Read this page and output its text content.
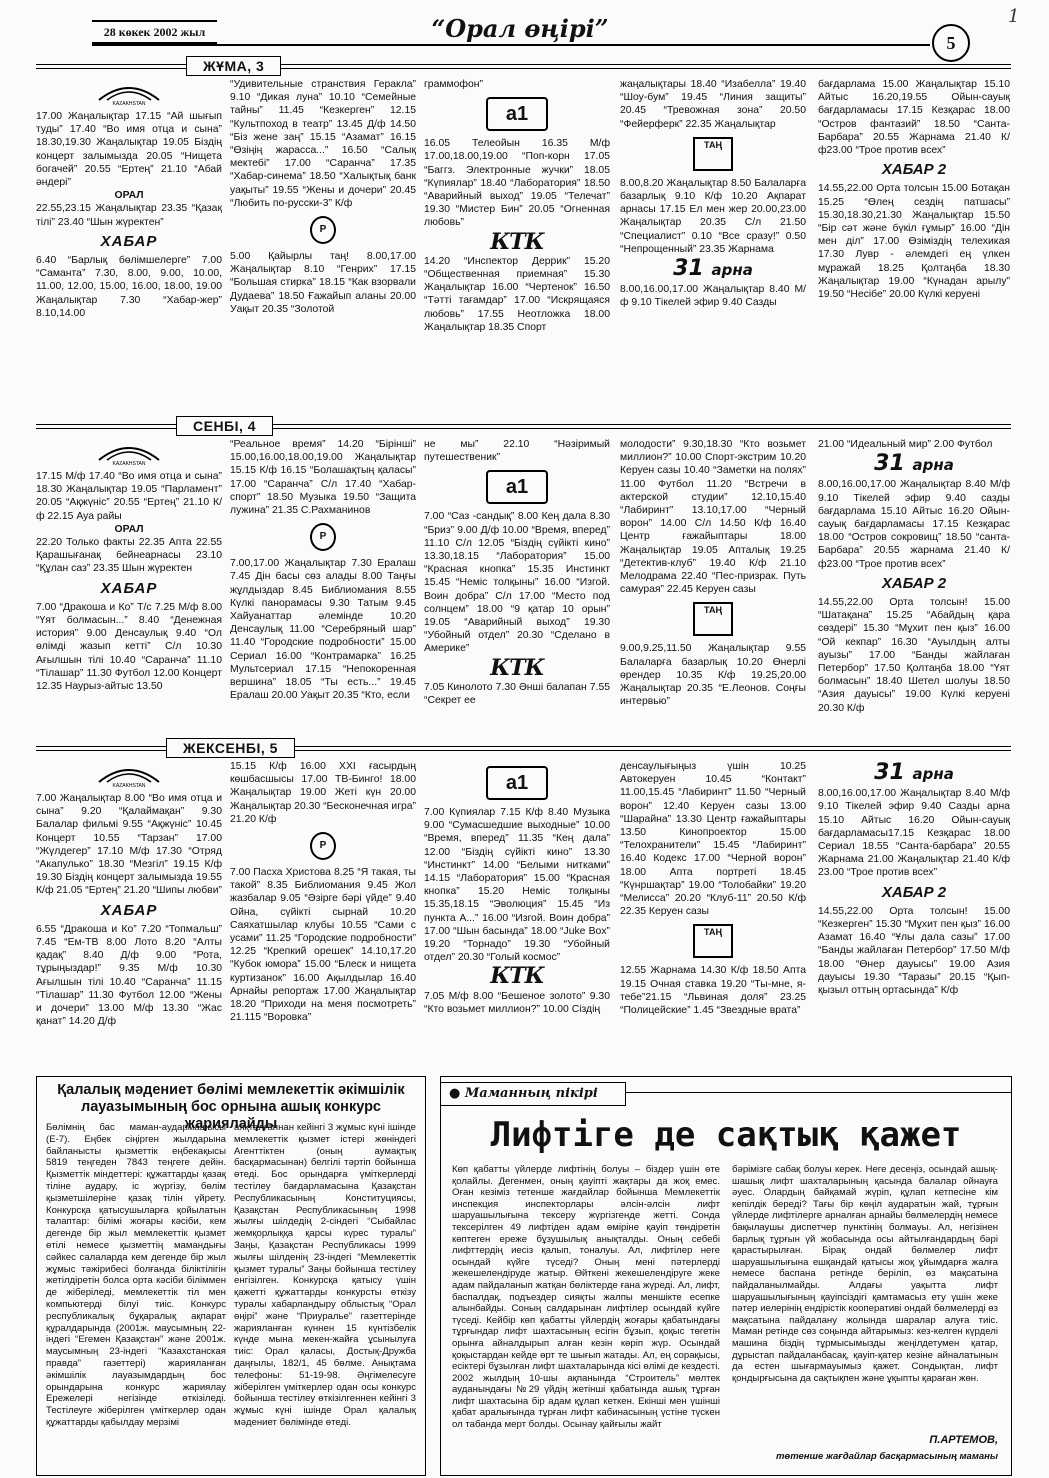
28 көкек 2002 жыл	“Орал өңірі”	5
1
ЖҰМА, 3
KAZAKHSTAN

17.00 Жаңалықтар 17.15 “Ай шығып туды” 17.40 “Во имя отца и сына” 18.30,19.30 Жаңалықтар 19.05 Біздің концерт залымызда 20.05 “Нищета богачей” 20.55 “Ертең” 21.10 “Абай әндері”

ОРАЛ

22.55,23.15 Жаңалықтар 23.35 “Қазақ тілі” 23.40 “Шын жүректен”

ХАБАР

6.40 “Барлық бөлімшелерге” 7.00 “Саманта” 7.30, 8.00, 9.00, 10.00, 11.00, 12.00, 15.00, 16.00, 18.00, 19.00 Жаңалықтар 7.30 “Хабар-жер” 8.10,14.00

“Удивительные странствия Геракла” 9.10 “Дикая луна” 10.10 “Семейные тайны” 11.45 “Кезкерген” 12.15 “Культпоход в театр” 13.45 Д/ф 14.50 “Біз жене заң” 15.15 “Азамат” 16.15 “Өзіңің жарасса...” 16.50 “Салық мектебі” 17.00 “Саранча” 17.35 “Хабар-синема” 18.50 “Халықтық банк уақыты” 19.55 “Жены и дочери” 20.45 “Любить по-русски-3” К/ф

Р

5.00 Қайырлы таң! 8.00,17.00 Жаңалықтар 8.10 “Генрих” 17.15 “Большая стирка” 18.15 “Как взорвали Дудаева” 18.50 Ғажайып аланы 20.00 Уақыт 20.35 “Золотой

граммофон”

a1

16.05 Телеойын 16.35 М/ф 17.00,18.00,19.00 “Поп-корн 17.05 “Баггз. Электронные жучки” 18.05 “Күпиялар” 18.40 “Лаборатория” 18.50 “Аварийный выход” 19.05 “Телечат” 19.30 “Мистер Бин” 20.05 “Огненная любовь”

КТК

14.20 “Инспектор Деррик” 15.20 “Общественная приемная” 15.30 Жаңалықтар 16.00 “Чертенок” 16.50 “Тәтті тағамдар” 17.00 “Искрящаяся любовь” 17.55 Неотложка 18.00 Жаңалықтар 18.35 Спорт

жаңалықтары 18.40 “Изабелла” 19.40 “Шоу-бум” 19.45 “Линия защиты” 20.45 “Тревожная зона” 20.50 “Фейерферк” 22.35 Жаңалықтар

ТАҢ

8.00,8.20 Жаңалықтар 8.50 Балаларға базарлық 9.10 К/ф 10.20 Ақпарат арнасы 17.15 Ел мен жер 20.00,23.00 Жаңалықтар 20.35 С/л 21.50 “Специалист” 0.10 “Все сразу!” 0.50 “Непрощенный” 23.35 Жарнама

31 арна

8.00,16.00,17.00 Жаңалықтар 8.40 М/ф 9.10 Тікелей эфир 9.40 Сазды

бағдарлама 15.00 Жаңалықтар 15.10 Айтыс 16.20,19.55 Ойын-сауық бағдарламасы 17.15 Кезқарас 18.00 “Остров фантазий” 18.50 “Санта-Барбара” 20.55 Жарнама 21.40 К/ф23.00 “Трое против всех”

ХАБАР 2

14.55,22.00 Орта толсын 15.00 Ботақан 15.25 “Өлең сездің патшасы” 15.30,18.30,21.30 Жаңалықтар 15.50 “Бір сәт және бүкіл ғұмыр” 16.00 “Дін мен діл” 17.00 Өзіміздің телехикая 17.30 Лувр - әлемдегі ең үлкен мұражай 18.25 Қолтаңба 18.30 Жаңалықтар 19.00 “Күнадан арылу” 19.50 “Несібе” 20.00 Күлкі керуені

СЕНБІ, 4
KAZAKHSTAN

17.15 М/ф 17.40 “Во имя отца и сына” 18.30 Жаңалықтар 19.05 “Парламент” 20.05 “Ақжүніс” 20.55 “Ертең” 21.10 К/ф 22.15 Ауа райы

ОРАЛ

22.20 Только факты 22.35 Апта 22.55 Қарашығанақ бейнеарнасы 23.10 “Құлан саз” 23.35 Шын жүректен

ХАБАР

7.00 “Дракоша и Ко” Т/с 7.25 М/ф 8.00 “Үят болмасын...” 8.40 “Денежная история” 9.00 Денсаулық 9.40 “Ол өлімді жазып кетті” С/л 10.30 Ағылшын тілі 10.40 “Саранча” 11.10 “Тілашар” 11.30 Футбол 12.00 Концерт 12.35 Наурыз-айтыс 13.50

“Реальное время” 14.20 “Біріншi” 15.00,16.00,18.00,19.00 Жаңалықтар 15.15 К/ф 16.15 “Болашақтың қаласы” 17.00 “Саранча” С/л 17.40 “Хабар-спорт” 18.50 Музыка 19.50 “Защита лужина” 21.35 С.Рахманинов

Р

7.00,17.00 Жаңалықтар 7.30 Ералаш 7.45 Дін басы сөз алады 8.00 Таңғы жұлдыздар 8.45 Библиомания 8.55 Күлкі панорамасы 9.30 Татым 9.45 Хайуанаттар әлемінде 10.20 Денсаулық 11.00 “Серебряный шар” 11.40 “Городские подробности” 15.00 Сериал 16.00 “Контрамарка” 16.25 Мультсериал 17.15 “Непокоренная вершина” 18.05 “Ты есть...” 19.45 Ералаш 20.00 Уақыт 20.35 “Кто, если

не мы” 22.10 “Нәзiримый путешественик”

a1

7.00 “Саз -сандық” 8.00 Кең дала 8.30 “Бриз” 9.00 Д/ф 10.00 “Время, вперед” 11.10 С/л 12.05 “Біздің сүйікті кино” 13.30,18.15 “Лаборатория” 15.00 “Красная кнопка” 15.35 Инстинкт 15.45 “Неміс толқыны” 16.00 “Изгой. Воин добра” С/л 17.00 “Место под солнцем” 18.00 “9 қатар 10 орын” 19.05 “Аварийный выход” 19.30 “Убойный отдел” 20.30 “Сделано в Америке”

КТК

7.05 Кинолото 7.30 Әнші балапан 7.55 “Секрет ее

молодости” 9.30,18.30 “Кто возьмет миллион?” 10.00 Спорт-экстрим 10.20 Керуен сазы 10.40 “Заметки на полях” 11.00 Футбол 11.20 “Встречи в актерской студии” 12.10,15.40 “Лабиринт” 13.10,17.00 “Черный ворон” 14.00 С/л 14.50 К/ф 16.40 Центр ғажайыптары 18.00 Жаңалықтар 19.05 Апталық 19.25 “Детектив-клуб” 19.40 К/ф 21.10 Мелодрама 22.40 “Пес-призрак. Путь самурая” 22.45 Керуен сазы

ТАҢ

9.00,9.25,11.50 Жаңалықтар 9.55 Балаларға базарлық 10.20 Өнерлі өрендер 10.35 К/ф 19.25,20.00 Жаңалықтар 20.35 “Е.Леонов. Соңғы интервью”

21.00 “Идеальный мир” 2.00 Футбол

31 арна

8.00,16.00,17.00 Жаңалықтар 8.40 М/ф 9.10 Тікелей эфир 9.40 сазды бағдарлама 15.10 Айтыс 16.20 Ойын-сауық бағдарламасы 17.15 Кезқарас 18.00 “Остров сокровищ” 18.50 “санта-Барбара” 20.55 жарнама 21.40 К/ф23.00 “Трое против всех”

ХАБАР 2

14.55,22.00 Орта толсын! 15.00 “Шатақана” 15.25 “Абайдың қара сөздері” 15.30 “Мұхит пен қыз” 16.00 “Ой кекпар” 16.30 “Ауылдың алты ауызы” 17.00 “Банды жайлаған Петербор” 17.50 Қолтаңба 18.00 “Үят болмасын” 18.40 Шетел шолуы 18.50 “Азия дауысы” 19.00 Күлкі керуені 20.30 К/ф

ЖЕКСЕНБІ, 5
KAZAKHSTAN

7.00 Жаңалықтар 8.00 “Во имя отца и сына” 9.20 “Қалаймақан” 9.30 Балалар фильмі 9.55 “Ақжүніс” 10.45 Концерт 10.55 “Тарзан” 17.00 “Жүлдегер” 17.10 М/ф 17.30 “Отряд “Акапулько” 18.30 “Мезгіл” 19.15 К/ф 19.30 Біздің концерт залымызда 19.55 К/ф 21.05 “Ертең” 21.20 “Шипы любви”

ХАБАР

6.55 “Дракоша и Ко” 7.20 “Топмальш” 7.45 “Ем-ТВ 8.00 Лото 8.20 “Алты қадақ” 8.40 Д/ф 9.00 “Рота, тұрыңыздар!” 9.35 М/ф 10.30 Ағылшын тілі 10.40 “Саранча” 11.15 “Тілашар” 11.30 Футбол 12.00 “Жены и дочери” 13.00 М/ф 13.30 “Жас қанат” 14.20 Д/ф

15.15 К/ф 16.00 XXI ғасырдың көшбасшысы 17.00 ТВ-Бинго! 18.00 Жаңалықтар 19.00 Жеті күн 20.00 Жаңалықтар 20.30 “Бесконечная игра” 21.20 К/ф

Р

7.00 Пасха Христова 8.25 “Я такая, ты такой” 8.35 Библиомания 9.45 Жол жазбалар 9.05 “Әзірге бәрі үйде” 9.40 Ойна, сүйікті сырнай 10.20 Саяхатшылар клубы 10.55 “Сами с усами” 11.25 “Городские подробности” 12.25 “Крепкий орешек” 14.10,17.20 “Кубок юмора” 15.00 “Блеск и нищета куртизанок” 16.00 Ақылдылар 16.40 Арнайы репортаж 17.00 Жаңалықтар 18.20 “Приходи на меня посмотреть” 21.115 “Воровка”

a1

7.00 Күпиялар 7.15 К/ф 8.40 Музыка 9.00 “Сумасшедшие выходные” 10.00 “Время, вперед” 11.35 “Кең дала” 12.00 “Біздің сүйікті кино” 13.30 “Инстинкт” 14.00 “Белыми нитками” 14.15 “Лаборатория” 15.00 “Красная кнопка” 15.20 Неміс толқыны 15.35,18.15 “Эволюция” 15.45 “Из пункта А...” 16.00 “Изгой. Воин добра” 17.00 “Шын басында” 18.00 “Juke Box” 19.20 “Торнадо” 19.30 “Убойный отдел” 20.30 “Голый космос”

КТК

7.05 М/ф 8.00 “Бешеное золото” 9.30 “Кто возьмет миллион?” 10.00 Сіздің

денсаулығыңыз үшін 10.25 Автокеруен 10.45 “Контакт” 11.00,15.45 “Лабиринт” 11.50 “Черный ворон” 12.40 Керуен сазы 13.00 “Шарайна” 13.30 Центр ғажайыптары 13.50 Кинопроектор 15.00 “Телохранители” 15.45 “Лабиринт” 16.40 Кодекс 17.00 “Черной ворон” 18.00 Апта портреті 18.45 “Күнршақтар” 19.00 “Толобайки” 19.20 “Мелисса” 20.20 “Клуб-11” 20.50 К/ф 22.35 Керуен сазы

ТАҢ

12.55 Жарнама 14.30 К/ф 18.50 Апта 19.15 Очная ставка 19.20 “Ты-мне, я-тебе”21.15 “Львиная доля” 23.25 “Полицейские” 1.45 “Звездные врата”

31 арна

8.00,16.00,17.00 Жаңалықтар 8.40 М/ф 9.10 Тікелей эфир 9.40 Сазды арна 15.10 Айтыс 16.20 Ойын-сауық бағдарламасы17.15 Кезқарас 18.00 Сериал 18.55 “Санта-барбара” 20.55 Жарнама 21.00 Жаңалықтар 21.40 К/ф 23.00 “Трое против всех”

ХАБАР 2

14.55,22.00 Орта толсын! 15.00 “Кезкерген” 15.30 “Мұхит пен қыз” 16.00 Азамат 16.40 “Ұлы дала сазы” 17.00 “Банды жайлаған Петербор” 17.50 М/ф 18.00 “Өнер дауысы” 19.00 Азия дауысы 19.30 “Таразы” 20.15 “Қып-қызыл оттың ортасында” К/ф

Қалалық мәдениет бөлімі мемлекеттік әкімшілік лауазымының бос орнына ашық конкурс жариялайды
Бөлімнің бас маман-аудармашысы (Е-7). Еңбек сіңірген жылдарына байланысты қызметтік еңбекақысы 5819 теңгеден 7843 теңгеге дейін. Қызметтік міндеттері: құжаттарды қазақ тіліне аудару, іс жүргізу, бөлім қызметшілеріне қазақ тілін үйрету. Конкурсқа қатысушыларға қойылатын талаптар: білімі жоғары кәсіби, кем дегенде бір жыл мемлекеттік қызмет өтілі немесе қызметтің мамандығы сәйкес салаларда кем дегенде бір жыл жұмыс тәжірибесі болғанда біліктілігін жетілдіретін болса орта кәсіби біліммен де жіберіледі, мемлекеттік тіл мен компьютерді білуі тиіс. Конкурс республикалық бұқаралық ақпарат құралдарында (2001ж. маусымның 22-індегі “Егемен Қазақстан” және 2001ж. маусымның 23-індегі “Казахстанская правда” газеттері) жарияланған әкімшілік лауазымдардың бос орындарына конкурс жариялау Ережелері негізінде өткізіледі. Тестілеуге жіберілген үміткерлер одан құжаттарды қабылдау мерзімі
аяқталғаннан кейінгі 3 жұмыс күні ішінде мемлекеттік қызмет істері жөніндегі Агенттіктен (оның аумақтық басқармасынан) белгілі тәртіп бойынша өтеді. Бос орындарға үміткерлерді тестілеу бағдарламасына Қазақстан Республикасының Конституциясы, Қазақстан Республикасының 1998 жылғы шілдедің 2-сіндегі “Сыбайлас жемқорлыққа қарсы күрес туралы” Заңы, Қазақстан Республикасы 1999 жылғы шілденің 23-індегі “Мемлекеттік қызмет туралы” Заңы бойынша тестілеу енгізілген. Конкурсқа қатысу үшін қажетті құжаттарды конкурсты өткізу туралы хабарландыру облыстық “Орал өңірі” және “Приуралье” газеттерінде жарияланған күннен 15 күнтізбелік күнде мына мекен-жайға ұсынылуға тиіс: Орал қаласы, Достық-Дружба даңғылы, 182/1, 45 бөлме. Анықтама телефоны: 51-19-98. Әңгімелесуге жіберілген үміткерлер одан осы конкурс бойынша тестілеу өткізілгеннен кейінгі 3 жұмыс күні ішінде Орал қалалық мәдениет бөлімінде өтеді.
● Маманның пікірі
Лифтіге де сақтық қажет
Көп қабатты үйлерде лифтінің болуы – біздер үшін өте қолайлы. Дегенмен, оның қауіпті жақтары да жоқ емес. Оған кезіміз тетенше жағдайлар бойынша Мемлекеттік инспекция инспекторлары әлсін-әлсін лифт шаруашылығына тексеру жүргізгенде жетті. Сонда тексерілген 49 лифтіден адам өміріне қауіп төндіретін көптеген ереже бұзушылық анықталды. Оның себебі лифттердің иесіз қалып, тоналуы. Ал, лифтілер неге осындай күйге түседі? Оның мені пәтерлерді жекешелендіруде жатыр. Өйткені жекешелендіруге жеке адам пайдаланып жатқан бөліктерде ғана жүреді. Ал, лифт, баспалдақ, подъездер сияқты жалпы меншікте есепке алынбайды. Соның салдарынан лифтілер осындай күйге түседі. Кейбір көп қабатты үйлердің жоғары қабатындағы тұрғындар лифт шахтасының есігін бұзып, қоқыс төгетін орынға айналдырып алған кезін көріп жүр. Осындай қоқыстардан кейде өрт те шығып жатады. Ал, ең сорақысы, есіктері бұзылған лифт шахталарында кісі өлімі де кездесті. 2002 жылдың 10-шы ақпанында “Строитель” мөлтек ауданындағы №29 үйдің жетінші қабатында ашық тұрған лифт шахтасына бір адам құлап кеткен. Екінші мен үшінші қабат аралығында тұрған лифт кабинасының үстіне түскен ол табанда мерт болды. Осынау қайғылы жайт
бәрімізге сабақ болуы керек. Неге десеңіз, осындай ашық-шашық лифт шахталарының қасында балалар ойнауға әуес. Олардың байқамай жүріп, құлап кетпесіне кім кепілдік береді? Тағы бір көңіл аударатын жай, тұрғын үйлерде лифтілерге арналған арнайы бөлмелердің немесе бақылаушы диспетчер пунктінің болмауы. Ал, негізінен барлық тұрғын үй жобасында осы айтылғандардың бәрі қарастырылған. Бірақ ондай бөлмелер лифт шаруашылығына ешқандай қатысы жоқ ұйымдарға жалға немесе баспана ретінде беріліп, өз мақсатына пайдаланылмайды. Алдағы уақытта лифт шаруашылығының қауіпсіздігі қамтамасыз ету үшін жеке пәтер иелерінің ендірістік кооперативі ондай бөлмелерді өз мақсатына пайдалану жолында шаралар алуға тиіс. Маман ретінде сөз соңында айтарымыз: кез-келген күрделі машина біздің тұрмысымызды жеңілдетумен қатар, дұрыстап пайдаланбасақ, қауіп-қатер кезіне айналатынын да естен шығармауымыз қажет. Сондықтан, лифт қондырғысына да сақтықпен және ұқыпты қараған жөн.
П.АРТЕМОВ,
төтенше жағдайлар басқармасының маманы
